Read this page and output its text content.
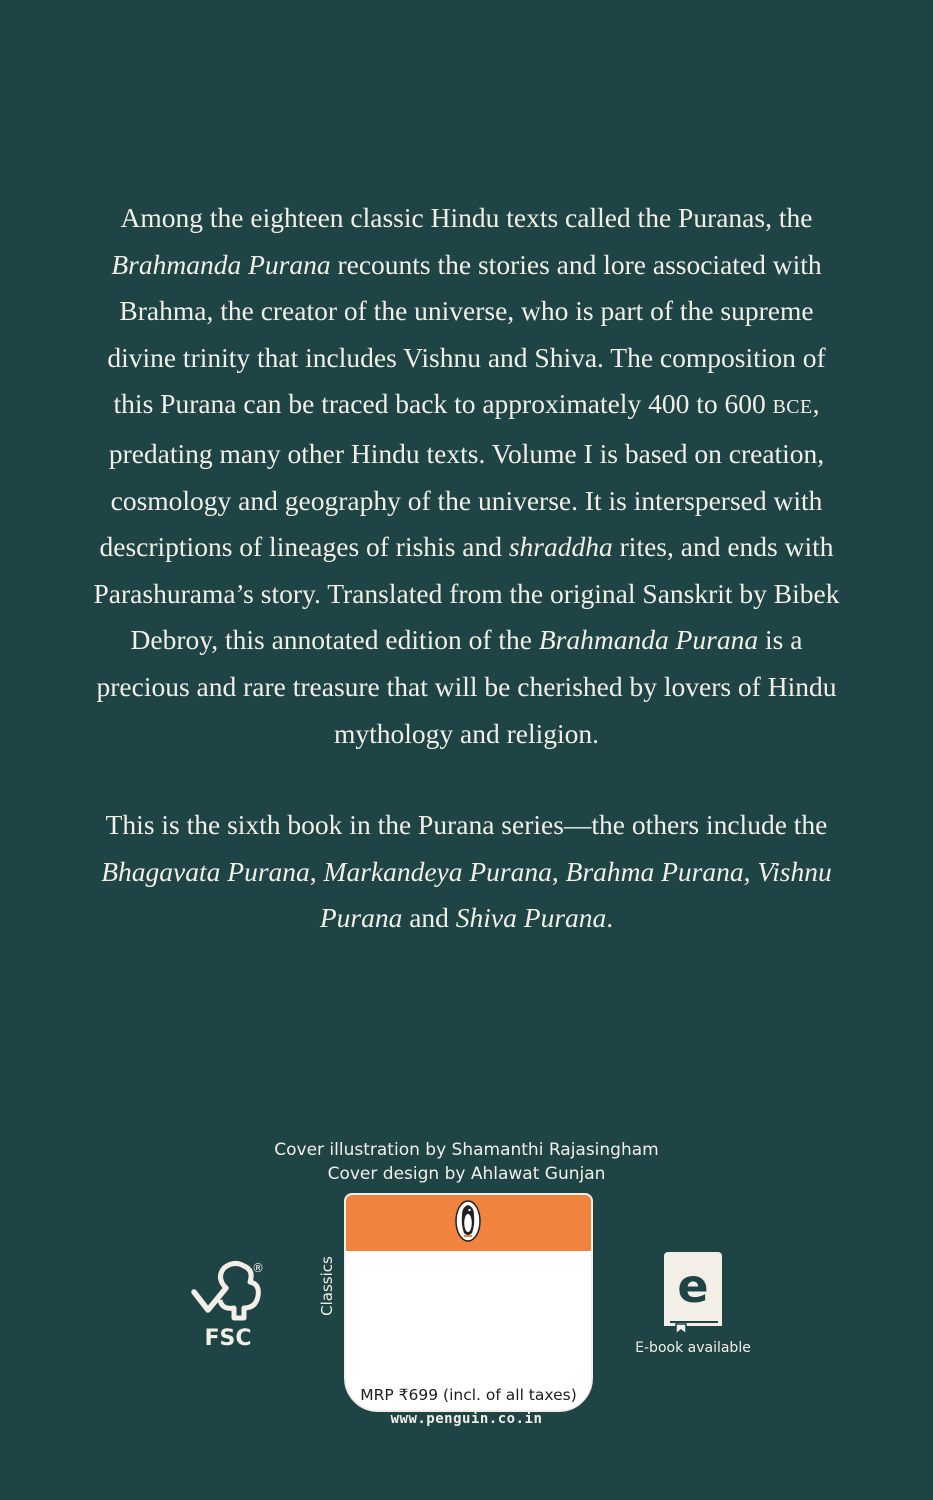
Among the eighteen classic Hindu texts called the Puranas, the Brahmanda Purana recounts the stories and lore associated with Brahma, the creator of the universe, who is part of the supreme divine trinity that includes Vishnu and Shiva. The composition of this Purana can be traced back to approximately 400 to 600 BCE, predating many other Hindu texts. Volume I is based on creation, cosmology and geography of the universe. It is interspersed with descriptions of lineages of rishis and shraddha rites, and ends with Parashurama’s story. Translated from the original Sanskrit by Bibek Debroy, this annotated edition of the Brahmanda Purana is a precious and rare treasure that will be cherished by lovers of Hindu mythology and religion.

This is the sixth book in the Purana series—the others include the Bhagavata Purana, Markandeya Purana, Brahma Purana, Vishnu Purana and Shiva Purana.

Cover illustration by Shamanthi Rajasingham
Cover design by Ahlawat Gunjan
®
FSC
Classics
MRP ₹699 (incl. of all taxes)
www.penguin.co.in
e
E-book available
